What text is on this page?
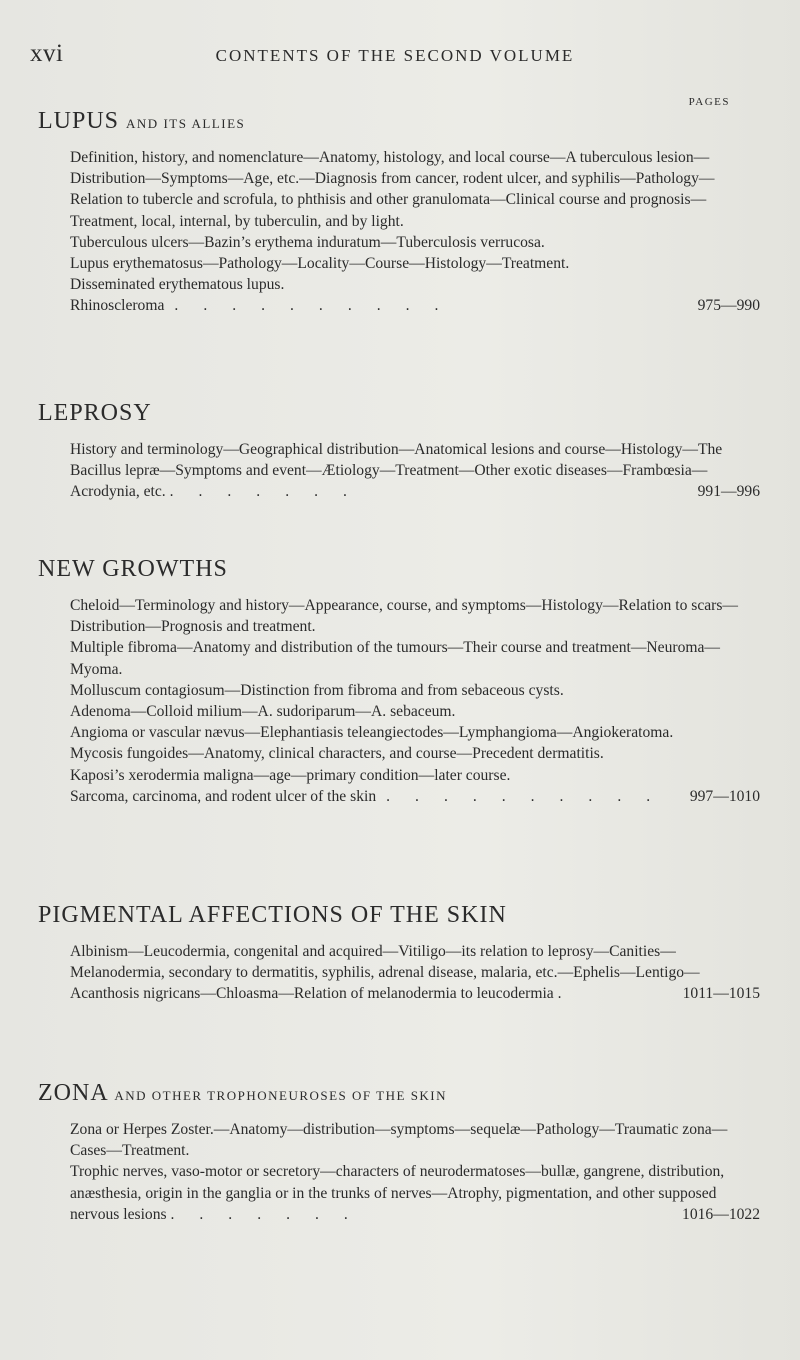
xvi	CONTENTS OF THE SECOND VOLUME
PAGES
LUPUS AND ITS ALLIES

Definition, history, and nomenclature—Anatomy, histology, and local course—A tuberculous lesion—Distribution—Symptoms—Age, etc.—Diagnosis from cancer, rodent ulcer, and syphilis—Pathology—Relation to tubercle and scrofula, to phthisis and other granulomata—Clinical course and prognosis—Treatment, local, internal, by tuberculin, and by light.

Tuberculous ulcers—Bazin’s erythema induratum—Tuberculosis verrucosa.

Lupus erythematosus—Pathology—Locality—Course—Histology—Treatment.

Disseminated erythematous lupus.

Rhinoscleroma ..........	975—990
LEPROSY

History and terminology—Geographical distribution—Anatomical lesions and course—Histology—The Bacillus lepræ—Symptoms and event—Ætiology—Treatment—Other exotic diseases—Frambœsia—Acrodynia, etc. .......	991—996

NEW GROWTHS

Cheloid—Terminology and history—Appearance, course, and symptoms—Histology—Relation to scars—Distribution—Prognosis and treatment.

Multiple fibroma—Anatomy and distribution of the tumours—Their course and treatment—Neuroma—Myoma.

Molluscum contagiosum—Distinction from fibroma and from sebaceous cysts.

Adenoma—Colloid milium—A. sudoriparum—A. sebaceum.

Angioma or vascular nævus—Elephantiasis teleangiectodes—Lymphangioma—Angiokeratoma.

Mycosis fungoides—Anatomy, clinical characters, and course—Precedent dermatitis.

Kaposi’s xerodermia maligna—age—primary condition—later course.

Sarcoma, carcinoma, and rodent ulcer of the skin .......... 997—1010
PIGMENTAL AFFECTIONS OF THE SKIN

Albinism—Leucodermia, congenital and acquired—Vitiligo—its relation to leprosy—Canities—Melanodermia, secondary to dermatitis, syphilis, adrenal disease, malaria, etc.—Ephelis—Lentigo—Acanthosis nigricans—Chloasma—Relation of melanodermia to leucodermia .	1011—1015

ZONA AND OTHER TROPHONEUROSES OF THE SKIN

Zona or Herpes Zoster.—Anatomy—distribution—symptoms—sequelæ—Pathology—Traumatic zona—Cases—Treatment.

Trophic nerves, vaso-motor or secretory—characters of neurodermatoses—bullæ, gangrene, distribution, anæsthesia, origin in the ganglia or in the trunks of nerves—Atrophy, pigmentation, and other supposed nervous lesions .......	1016—1022
